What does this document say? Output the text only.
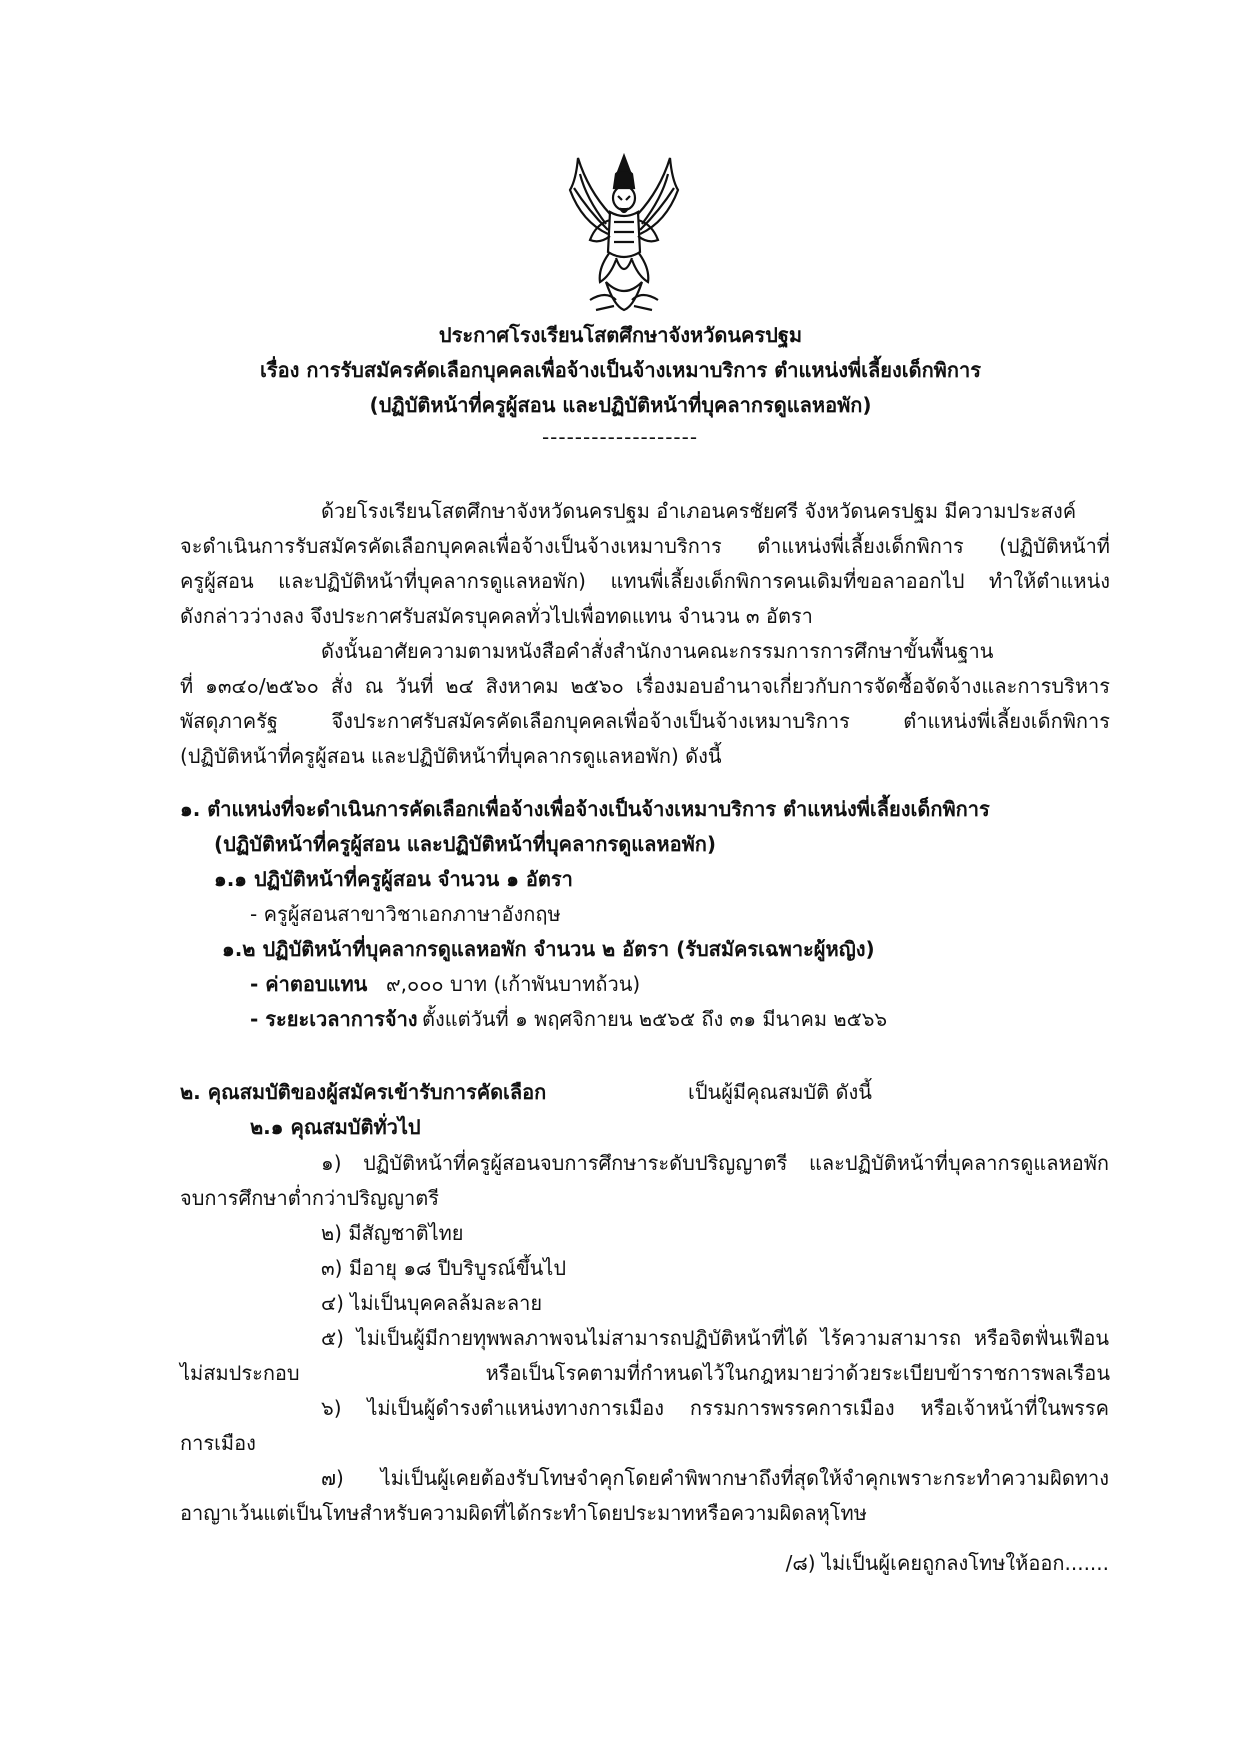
ประกาศโรงเรียนโสตศึกษาจังหวัดนครปฐม
เรื่อง การรับสมัครคัดเลือกบุคคลเพื่อจ้างเป็นจ้างเหมาบริการ ตำแหน่งพี่เลี้ยงเด็กพิการ
(ปฏิบัติหน้าที่ครูผู้สอน และปฏิบัติหน้าที่บุคลากรดูแลหอพัก)
-------------------
ด้วยโรงเรียนโสตศึกษาจังหวัดนครปฐม อำเภอนครชัยศรี จังหวัดนครปฐม มีความประสงค์
จะดำเนินการรับสมัครคัดเลือกบุคคลเพื่อจ้างเป็นจ้างเหมาบริการ ตำแหน่งพี่เลี้ยงเด็กพิการ (ปฏิบัติหน้าที่
ครูผู้สอน และปฏิบัติหน้าที่บุคลากรดูแลหอพัก) แทนพี่เลี้ยงเด็กพิการคนเดิมที่ขอลาออกไป ทำให้ตำแหน่ง
ดังกล่าวว่างลง จึงประกาศรับสมัครบุคคลทั่วไปเพื่อทดแทน จำนวน ๓ อัตรา
ดังนั้นอาศัยความตามหนังสือคำสั่งสำนักงานคณะกรรมการการศึกษาขั้นพื้นฐาน
ที่ ๑๓๔๐/๒๕๖๐ สั่ง ณ วันที่ ๒๔ สิงหาคม ๒๕๖๐ เรื่องมอบอำนาจเกี่ยวกับการจัดซื้อจัดจ้างและการบริหาร
พัสดุภาครัฐ จึงประกาศรับสมัครคัดเลือกบุคคลเพื่อจ้างเป็นจ้างเหมาบริการ ตำแหน่งพี่เลี้ยงเด็กพิการ
(ปฏิบัติหน้าที่ครูผู้สอน และปฏิบัติหน้าที่บุคลากรดูแลหอพัก) ดังนี้
๑. ตำแหน่งที่จะดำเนินการคัดเลือกเพื่อจ้างเพื่อจ้างเป็นจ้างเหมาบริการ ตำแหน่งพี่เลี้ยงเด็กพิการ
(ปฏิบัติหน้าที่ครูผู้สอน และปฏิบัติหน้าที่บุคลากรดูแลหอพัก)
๑.๑ ปฏิบัติหน้าที่ครูผู้สอน จำนวน ๑ อัตรา
- ครูผู้สอนสาขาวิชาเอกภาษาอังกฤษ
๑.๒ ปฏิบัติหน้าที่บุคลากรดูแลหอพัก จำนวน ๒ อัตรา (รับสมัครเฉพาะผู้หญิง)
- ค่าตอบแทน ๙,๐๐๐ บาท (เก้าพันบาทถ้วน)
- ระยะเวลาการจ้าง ตั้งแต่วันที่ ๑ พฤศจิกายน ๒๕๖๕ ถึง ๓๑ มีนาคม ๒๕๖๖
๒. คุณสมบัติของผู้สมัครเข้ารับการคัดเลือก	เป็นผู้มีคุณสมบัติ ดังนี้
๒.๑ คุณสมบัติทั่วไป
๑) ปฏิบัติหน้าที่ครูผู้สอนจบการศึกษาระดับปริญญาตรี และปฏิบัติหน้าที่บุคลากรดูแลหอพัก
จบการศึกษาต่ำกว่าปริญญาตรี
๒) มีสัญชาติไทย
๓) มีอายุ ๑๘ ปีบริบูรณ์ขึ้นไป
๔) ไม่เป็นบุคคลล้มละลาย
๕) ไม่เป็นผู้มีกายทุพพลภาพจนไม่สามารถปฏิบัติหน้าที่ได้ ไร้ความสามารถ หรือจิตฟั่นเฟือน
ไม่สมประกอบ หรือเป็นโรคตามที่กำหนดไว้ในกฎหมายว่าด้วยระเบียบข้าราชการพลเรือน
๖) ไม่เป็นผู้ดำรงตำแหน่งทางการเมือง กรรมการพรรคการเมือง หรือเจ้าหน้าที่ในพรรค
การเมือง
๗) ไม่เป็นผู้เคยต้องรับโทษจำคุกโดยคำพิพากษาถึงที่สุดให้จำคุกเพราะกระทำความผิดทาง
อาญาเว้นแต่เป็นโทษสำหรับความผิดที่ได้กระทำโดยประมาทหรือความผิดลหุโทษ
/๘) ไม่เป็นผู้เคยถูกลงโทษให้ออก.......
